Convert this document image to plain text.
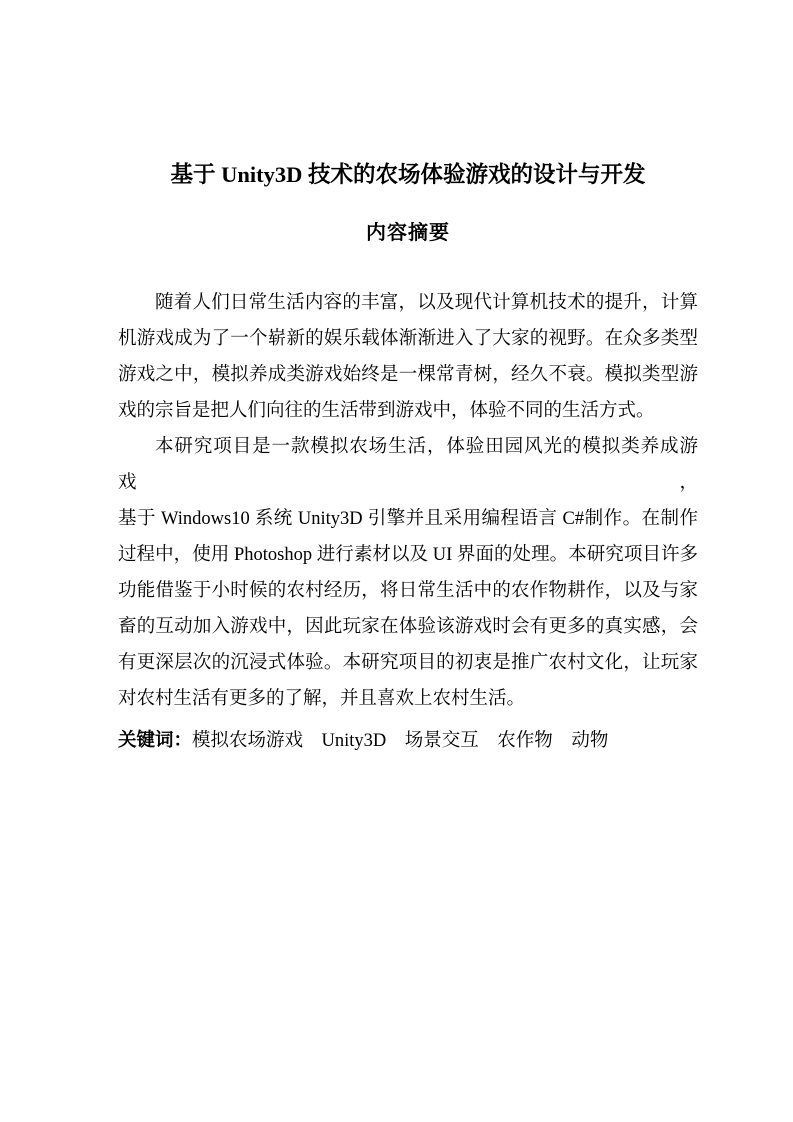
基于 Unity3D 技术的农场体验游戏的设计与开发
内容摘要

随着人们日常生活内容的丰富，以及现代计算机技术的提升，计算
机游戏成为了一个崭新的娱乐载体渐渐进入了大家的视野。在众多类型
游戏之中，模拟养成类游戏始终是一棵常青树，经久不衰。模拟类型游
戏的宗旨是把人们向往的生活带到游戏中，体验不同的生活方式。

本研究项目是一款模拟农场生活，体验田园风光的模拟类养成游戏，
基于 Windows10 系统 Unity3D 引擎并且采用编程语言 C#制作。在制作
过程中，使用 Photoshop 进行素材以及 UI 界面的处理。本研究项目许多
功能借鉴于小时候的农村经历，将日常生活中的农作物耕作，以及与家
畜的互动加入游戏中，因此玩家在体验该游戏时会有更多的真实感，会
有更深层次的沉浸式体验。本研究项目的初衷是推广农村文化，让玩家
对农村生活有更多的了解，并且喜欢上农村生活。

关键词：模拟农场游戏 Unity3D 场景交互 农作物 动物
